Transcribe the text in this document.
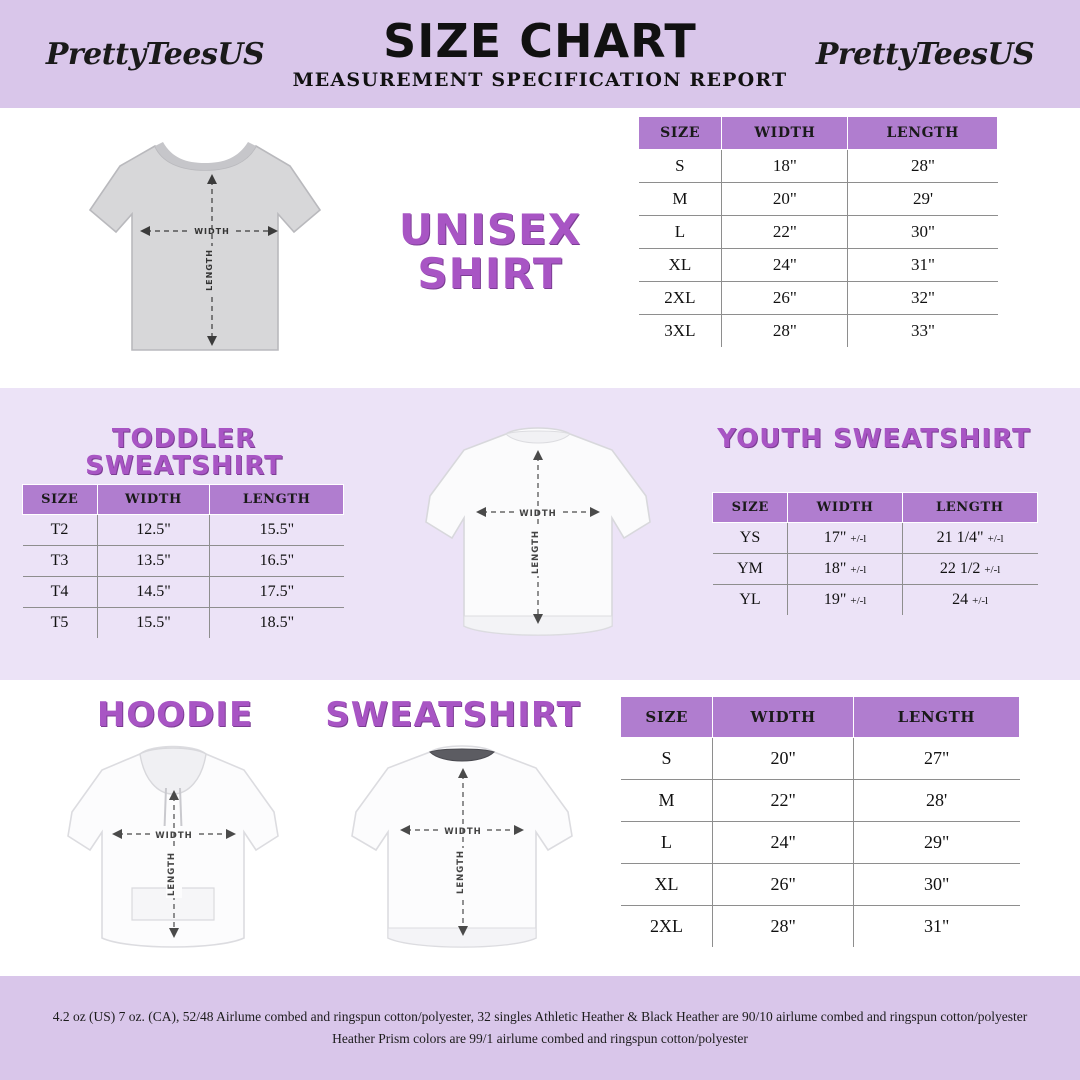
PrettyTeesUS	SIZE CHART
MEASUREMENT SPECIFICATION REPORT
PrettyTeesUS
WIDTH
LENGTH
UNISEX
SHIRT
SIZE	WIDTH	LENGTH
S	18"	28"
M	20"	29'
L	22"	30"
XL	24"	31"
2XL	26"	32"
3XL	28"	33"
TODDLER SWEATSHIRT
SIZE	WIDTH	LENGTH
T2	12.5"	15.5"
T3	13.5"	16.5"
T4	14.5"	17.5"
T5	15.5"	18.5"
WIDTH
LENGTH
YOUTH SWEATSHIRT
SIZE	WIDTH	LENGTH
YS	17" +/-l	21 1/4" +/-l
YM	18" +/-l	22 1/2 +/-l
YL	19" +/-l	24 +/-l
HOODIE
WIDTH
LENGTH
SWEATSHIRT
WIDTH
LENGTH
SIZE	WIDTH	LENGTH
S	20"	27"
M	22"	28'
L	24"	29"
XL	26"	30"
2XL	28"	31"

4.2 oz (US) 7 oz. (CA), 52/48 Airlume combed and ringspun cotton/polyester, 32 singles Athletic Heather & Black Heather are 90/10 airlume combed and ringspun cotton/polyester Heather Prism colors are 99/1 airlume combed and ringspun cotton/polyester
